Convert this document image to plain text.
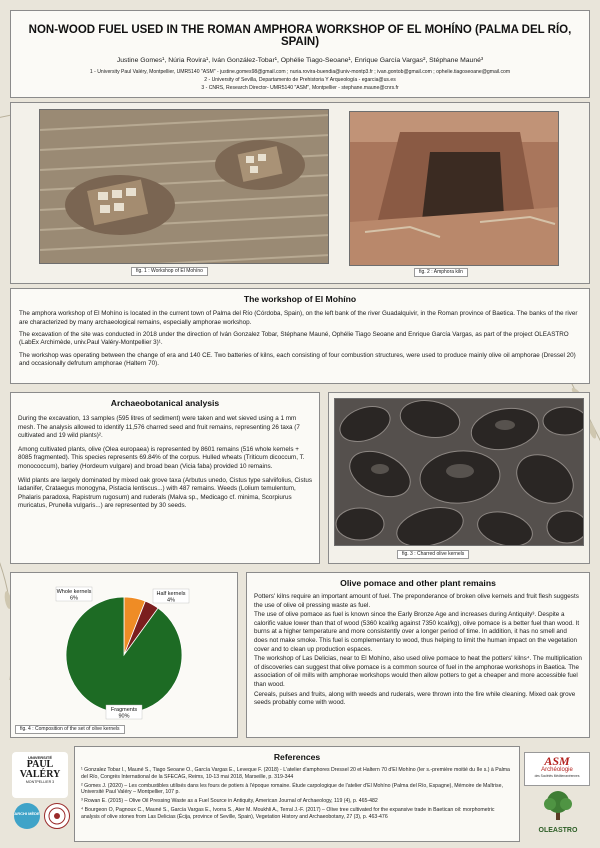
NON-WOOD FUEL USED IN THE ROMAN AMPHORA WORKSHOP OF EL MOHÍNO (PALMA DEL RÍO, SPAIN)
Justine Gomes¹, Núria Rovira¹, Iván González-Tobar¹, Ophélie Tiago-Seoane¹, Enrique García Vargas², Stéphane Mauné³
1 - University Paul Valéry, Montpellier, UMR5140 "ASM" - justine.gomes98@gmail.com ; nuria.rovira-buendia@univ-montp3.fr ; ivan.gontob@gmail.com ; ophelie.tiagoseoane@gmail.com
2 - University of Sevilla, Departamento de Prehistoria Y Arqueología - egarcia@us.es
3 - CNRS, Research Director- UMR5140 "ASM", Montpellier - stephane.maune@cnrs.fr
fig. 1 : Workshop of El Mohíno	fig. 2 : Amphora kiln
The workshop of El Mohíno

The amphora workshop of El Mohíno is located in the current town of Palma del Río (Córdoba, Spain), on the left bank of the river Guadalquivir, in the Roman province of Baetica. The banks of the river are characterized by many archaeological remains, especially amphorae workshop.

The excavation of the site was conducted in 2018 under the direction of Iván Gonzalez Tobar, Stéphane Mauné, Ophélie Tiago Seoane and Enrique García Vargas, as part of the project OLEASTRO (LabEx Archimède, univ.Paul Valéry-Montpellier 3)¹.

The workshop was operating between the change of era and 140 CE. Two batteries of kilns, each consisting of four combustion structures, were used to produce mainly olive oil amphorae (Dressel 20) and occasionally defrutum amphorae (Haltern 70).

Archaeobotanical analysis

During the excavation, 13 samples (595 litres of sediment) were taken and wet sieved using a 1 mm mesh. The analysis allowed to identify 11,576 charred seed and fruit remains, representing 26 taxa (7 cultivated and 19 wild plants)².

Among cultivated plants, olive (Olea europaea) is represented by 8601 remains (516 whole kernels + 8085 fragmented). This species represents 69.84% of the corpus. Hulled wheats (Triticum dicoccum, T. monococcum), barley (Hordeum vulgare) and broad bean (Vicia faba) provided 10 remains.

Wild plants are largely dominated by mixed oak grove taxa (Arbutus unedo, Cistus type salviifolius, Cistus ladanifer, Crataegus monogyna, Pistacia lentiscus...) with 487 remains. Weeds (Lolium temulentum, Phalaris paradoxa, Rapistrum rugosum) and ruderals (Malva sp., Medicago cf. minima, Scorpiurus muricatus, Prunella vulgaris...) are represented by 30 seeds.

fig. 3 : Charred olive kernels
Whole kernels 6%
Half kernels 4%
Fragments 90%
fig. 4 : Composition of the set of olive kernels
Olive pomace and other plant remains

Potters' kilns require an important amount of fuel. The preponderance of broken olive kernels and fruit flesh suggests the use of olive oil pressing waste as fuel.

The use of olive pomace as fuel is known since the Early Bronze Age and increases during Antiquity³. Despite a calorific value lower than that of wood (5360 kcal/kg against 7350 kcal/kg), olive pomace is a better fuel than wood. It burns at a higher temperature and more consistently over a longer period of time. In addition, it has no smell and does not make smoke. This fuel is complementary to wood, thus helping to limit the human impact on the vegetation cover and to clean up production espaces.

The workshop of Las Delicias, near to El Mohíno, also used olive pomace to heat the potters' kilns⁴. The multiplication of discoveries can suggest that olive pomace is a common source of fuel in the amphorae workshops in Baetica. The association of oil mills with amphorae workshops would then allow potters to get a cheaper and more accessible fuel than wood.

Cereals, pulses and fruits, along with weeds and ruderals, were thrown into the fire while cleaning. Mixed oak grove seeds probably come with wood.

References
¹ Gonzalez Tobar I., Mauné S., Tiago Seoane O., García Vargas E., Leveque F. (2018) - L'atelier d'amphores Dressel 20 et Haltern 70 d'El Mohíno (Ier s.-première moitié du IIe s.) à Palma del Río, Congrès International de la SFECAG, Reims, 10-13 mai 2018, Marseille, p. 319-344
² Gomes J. (2020) – Les combustibles utilisés dans les fours de potiers à l'époque romaine. Étude carpologique de l'atelier d'El Mohíno (Palma del Río, Espagne), Mémoire de Maîtrise, Université Paul Valéry – Montpellier, 107 p.
³ Rowan E. (2015) – Olive Oil Pressing Waste as a Fuel Source in Antiquity, American Journal of Archaeology, 119 (4), p. 465-482
⁴ Bourgeon O, Pagnoux C., Mauné S., García Vargas E., Ivorra S., Ater M. Moukhli A., Terral J.-F. (2017) – Olive tree cultivated for the expansive trade in Baetican oil: morphometric analysis of olive stones from Las Delicias (Écija, province of Seville, Spain), Vegetation History and Archaeobotany, 27 (3), p. 463-476
UNIVERSITÉ
PAUL
VALÉRY
MONTPELLIER 3
ARCHI MÈDE
ASM
Archéologie
des Sociétés Méditerranéennes
OLEASTRO
